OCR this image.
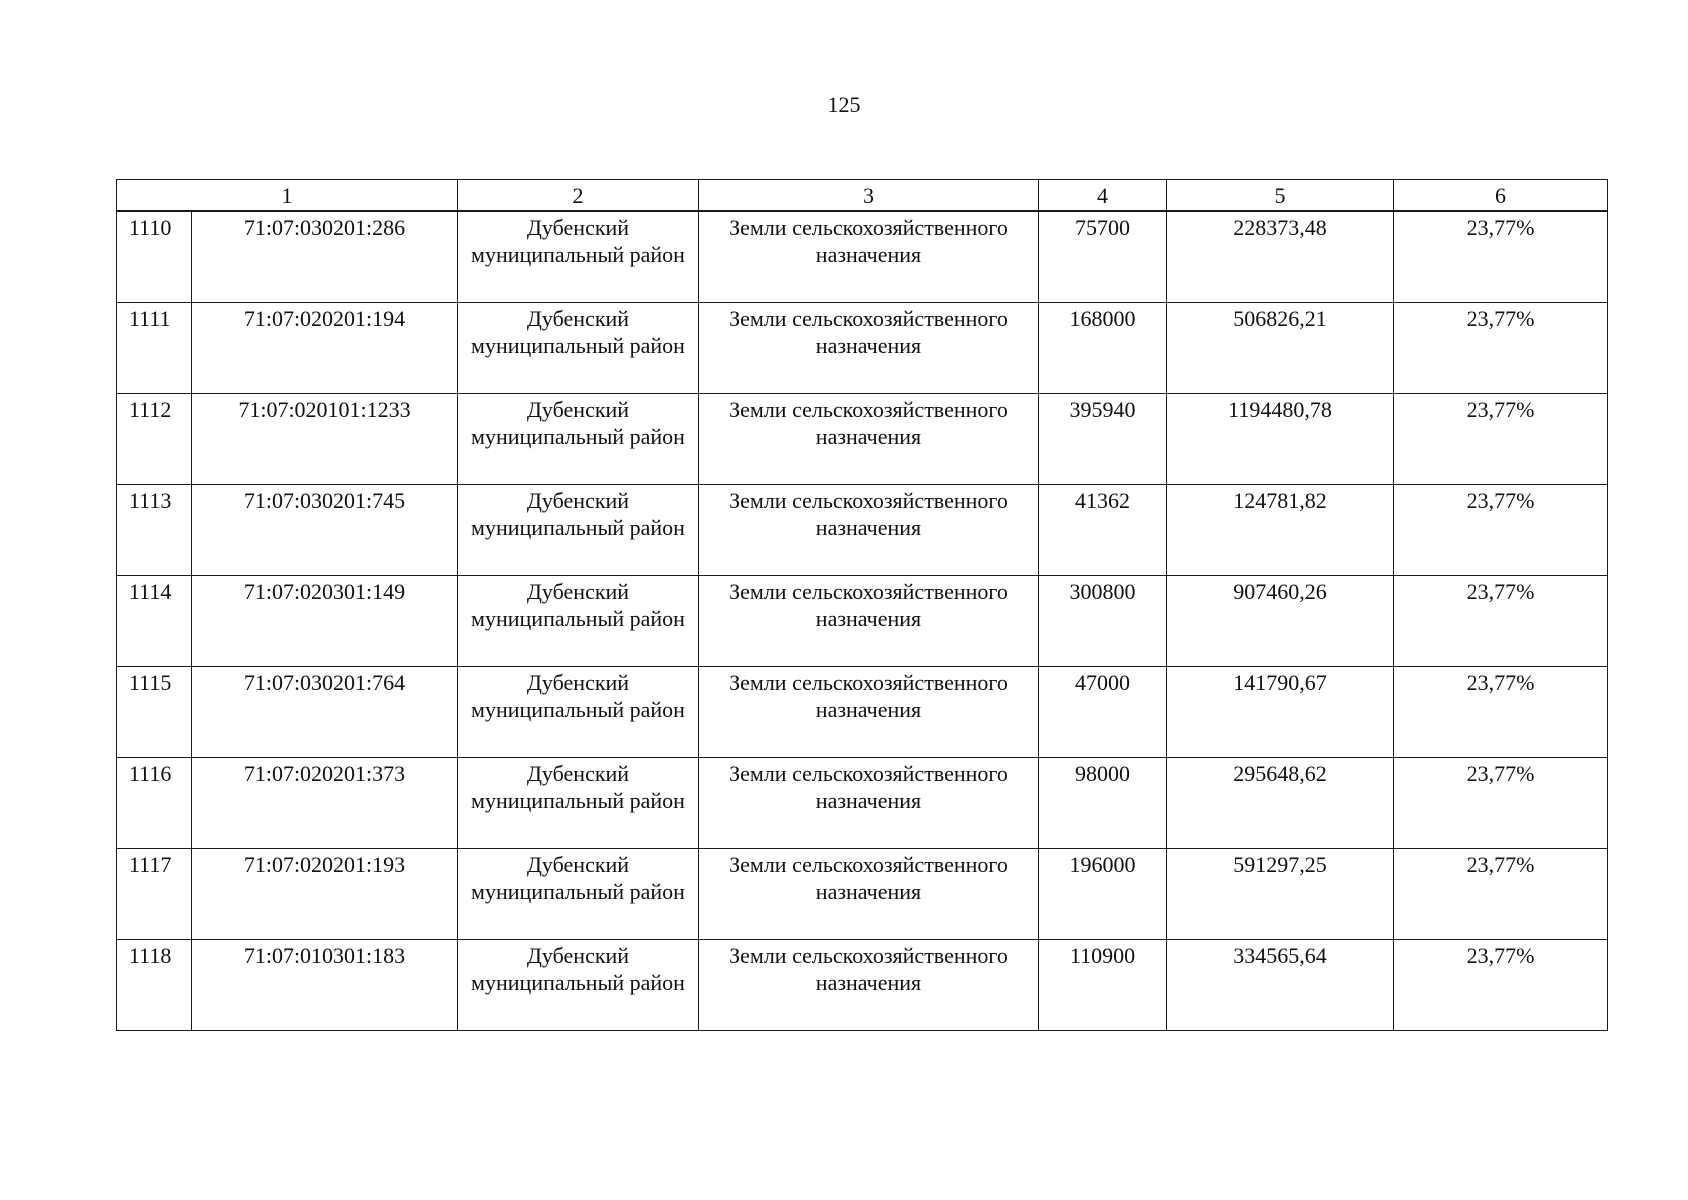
125
1		2	3	4	5	6
1110	71:07:030201:286	Дубенский муниципальный район	Земли сельскохозяйственного назначения	75700	228373,48	23,77%
1111	71:07:020201:194	Дубенский муниципальный район	Земли сельскохозяйственного назначения	168000	506826,21	23,77%
1112	71:07:020101:1233	Дубенский муниципальный район	Земли сельскохозяйственного назначения	395940	1194480,78	23,77%
1113	71:07:030201:745	Дубенский муниципальный район	Земли сельскохозяйственного назначения	41362	124781,82	23,77%
1114	71:07:020301:149	Дубенский муниципальный район	Земли сельскохозяйственного назначения	300800	907460,26	23,77%
1115	71:07:030201:764	Дубенский муниципальный район	Земли сельскохозяйственного назначения	47000	141790,67	23,77%
1116	71:07:020201:373	Дубенский муниципальный район	Земли сельскохозяйственного назначения	98000	295648,62	23,77%
1117	71:07:020201:193	Дубенский муниципальный район	Земли сельскохозяйственного назначения	196000	591297,25	23,77%
1118	71:07:010301:183	Дубенский муниципальный район	Земли сельскохозяйственного назначения	110900	334565,64	23,77%
